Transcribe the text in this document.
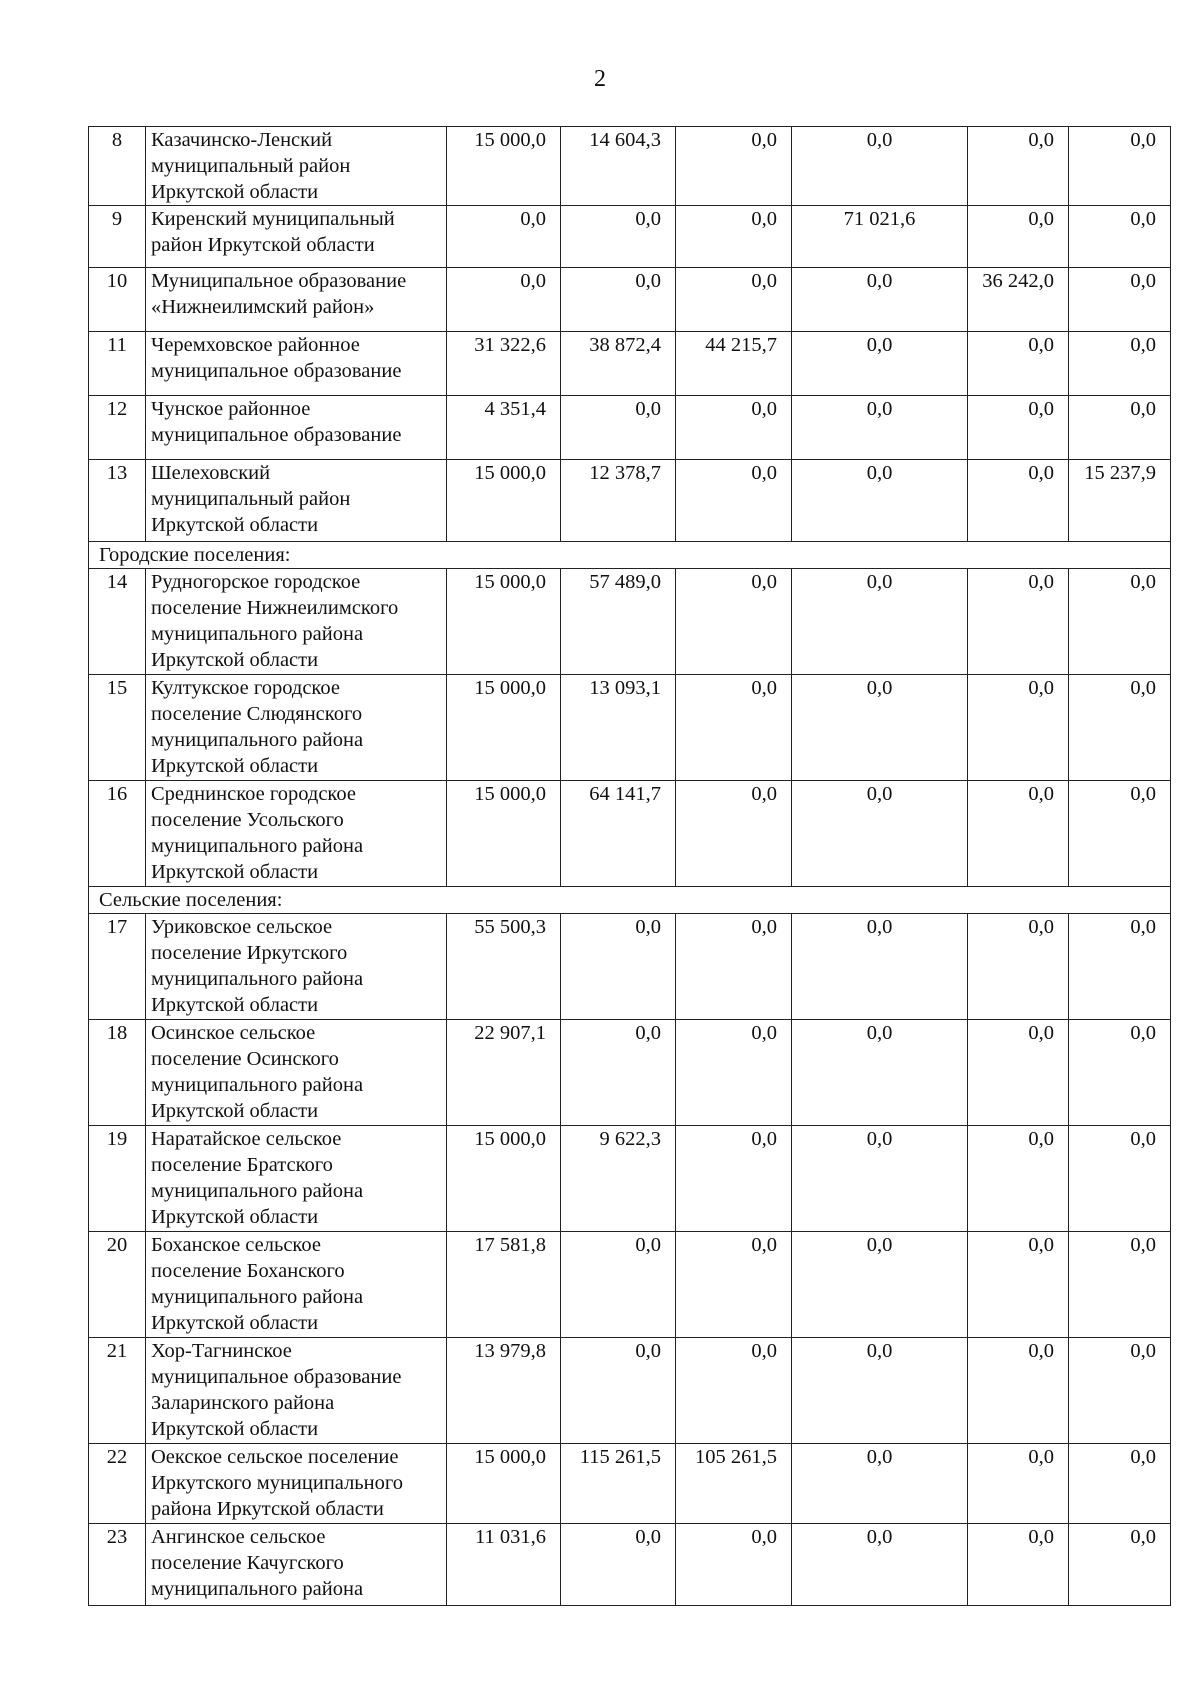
2
8	Казачинско-Ленский
муниципальный район
Иркутской области	15 000,0	14 604,3	0,0	0,0	0,0	0,0
9	Киренский муниципальный
район Иркутской области	0,0	0,0	0,0	71 021,6	0,0	0,0
10	Муниципальное образование
«Нижнеилимский район»	0,0	0,0	0,0	0,0	36 242,0	0,0
11	Черемховское районное
муниципальное образование	31 322,6	38 872,4	44 215,7	0,0	0,0	0,0
12	Чунское районное
муниципальное образование	4 351,4	0,0	0,0	0,0	0,0	0,0
13	Шелеховский
муниципальный район
Иркутской области	15 000,0	12 378,7	0,0	0,0	0,0	15 237,9
Городские поселения:							
14	Рудногорское городское
поселение Нижнеилимского
муниципального района
Иркутской области	15 000,0	57 489,0	0,0	0,0	0,0	0,0
15	Култукское городское
поселение Слюдянского
муниципального района
Иркутской области	15 000,0	13 093,1	0,0	0,0	0,0	0,0
16	Среднинское городское
поселение Усольского
муниципального района
Иркутской области	15 000,0	64 141,7	0,0	0,0	0,0	0,0
Сельские поселения:							
17	Уриковское сельское
поселение Иркутского
муниципального района
Иркутской области	55 500,3	0,0	0,0	0,0	0,0	0,0
18	Осинское сельское
поселение Осинского
муниципального района
Иркутской области	22 907,1	0,0	0,0	0,0	0,0	0,0
19	Наратайское сельское
поселение Братского
муниципального района
Иркутской области	15 000,0	9 622,3	0,0	0,0	0,0	0,0
20	Боханское сельское
поселение Боханского
муниципального района
Иркутской области	17 581,8	0,0	0,0	0,0	0,0	0,0
21	Хор-Тагнинское
муниципальное образование
Заларинского района
Иркутской области	13 979,8	0,0	0,0	0,0	0,0	0,0
22	Оекское сельское поселение
Иркутского муниципального
района Иркутской области	15 000,0	115 261,5	105 261,5	0,0	0,0	0,0
23	Ангинское сельское
поселение Качугского
муниципального района	11 031,6	0,0	0,0	0,0	0,0	0,0
